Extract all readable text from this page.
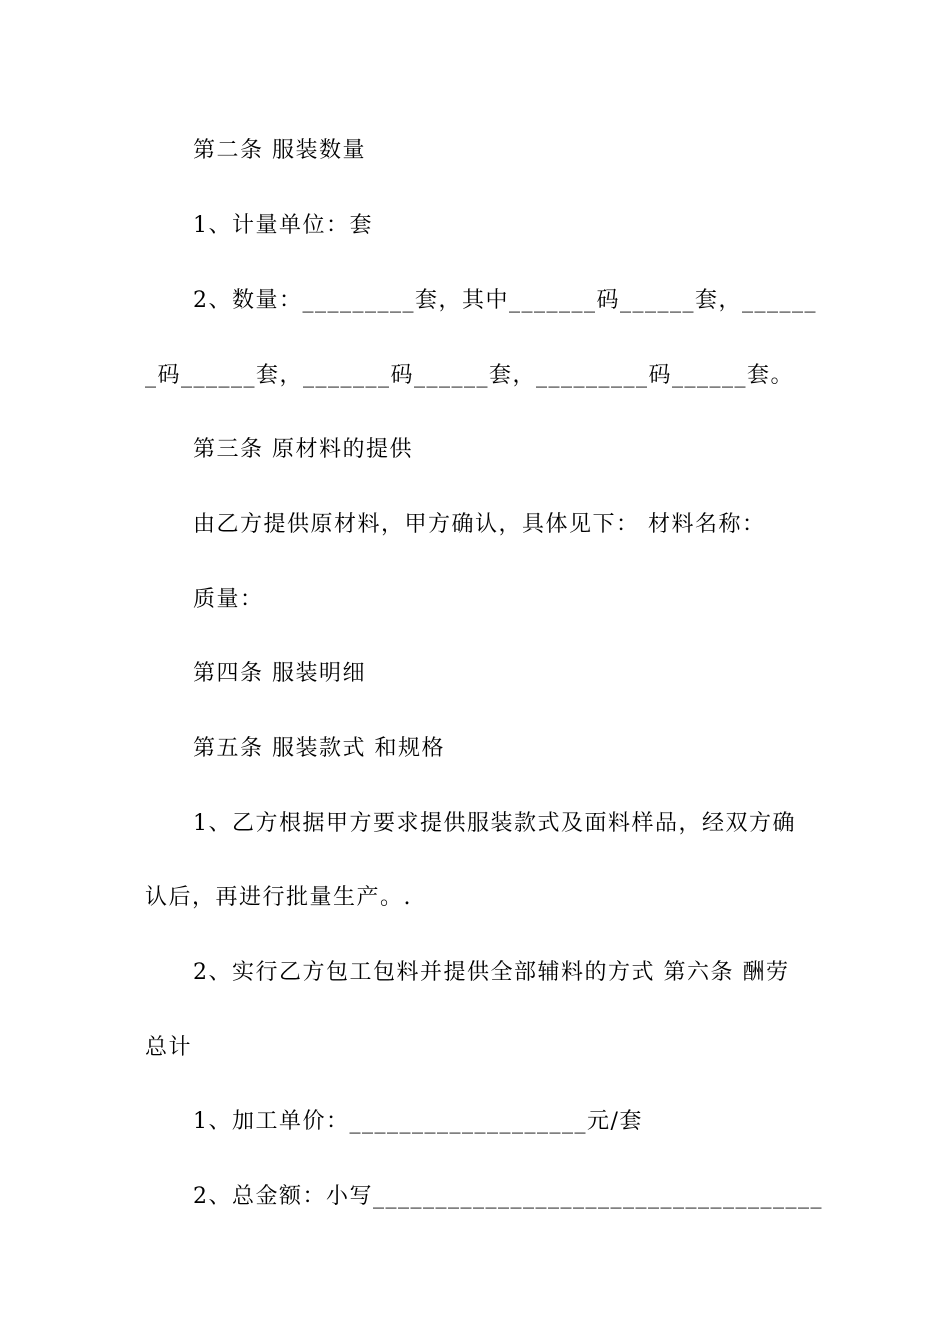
第二条 服装数量
1、计量单位：套
2、数量：_________套，其中_______码______套，______
_码______套，_______码______套，_________码______套。
第三条 原材料的提供
由乙方提供原材料，甲方确认，具体见下： 材料名称：
质量：
第四条 服装明细
第五条 服装款式 和规格
1、乙方根据甲方要求提供服装款式及面料样品，经双方确
认后，再进行批量生产。.
2、实行乙方包工包料并提供全部辅料的方式 第六条 酬劳
总计
1、加工单价：___________________元/套
2、总金额：小写____________________________________
